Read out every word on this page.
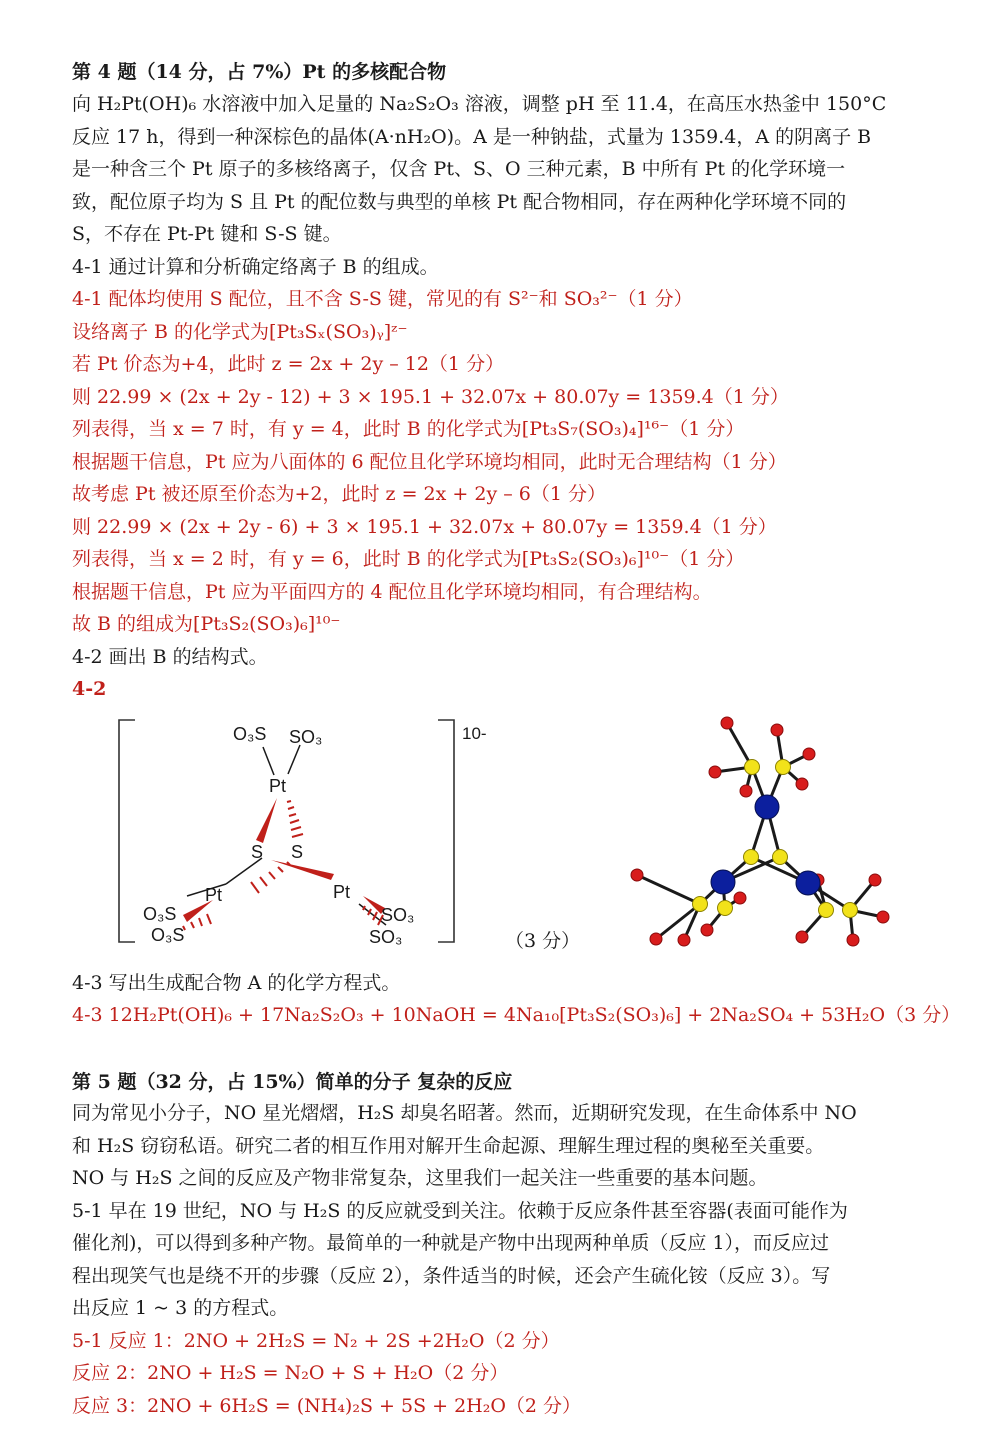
第 4 题（14 分，占 7%）Pt 的多核配合物
向 H₂Pt(OH)₆ 水溶液中加入足量的 Na₂S₂O₃ 溶液，调整 pH 至 11.4，在高压水热釜中 150°C
反应 17 h，得到一种深棕色的晶体(A·nH₂O)。A 是一种钠盐，式量为 1359.4，A 的阴离子 B
是一种含三个 Pt 原子的多核络离子，仅含 Pt、S、O 三种元素，B 中所有 Pt 的化学环境一
致，配位原子均为 S 且 Pt 的配位数与典型的单核 Pt 配合物相同，存在两种化学环境不同的
S，不存在 Pt-Pt 键和 S-S 键。
4-1 通过计算和分析确定络离子 B 的组成。
4-1 配体均使用 S 配位，且不含 S-S 键，常见的有 S²⁻和 SO₃²⁻（1 分）
设络离子 B 的化学式为[Pt₃Sₓ(SO₃)ᵧ]ᶻ⁻
若 Pt 价态为+4，此时 z = 2x + 2y – 12（1 分）
则 22.99 × (2x + 2y - 12) + 3 × 195.1 + 32.07x + 80.07y = 1359.4（1 分）
列表得，当 x = 7 时，有 y = 4，此时 B 的化学式为[Pt₃S₇(SO₃)₄]¹⁶⁻（1 分）
根据题干信息，Pt 应为八面体的 6 配位且化学环境均相同，此时无合理结构（1 分）
故考虑 Pt 被还原至价态为+2，此时 z = 2x + 2y – 6（1 分）
则 22.99 × (2x + 2y - 6) + 3 × 195.1 + 32.07x + 80.07y = 1359.4（1 分）
列表得，当 x = 2 时，有 y = 6，此时 B 的化学式为[Pt₃S₂(SO₃)₆]¹⁰⁻（1 分）
根据题干信息，Pt 应为平面四方的 4 配位且化学环境均相同，有合理结构。
故 B 的组成为[Pt₃S₂(SO₃)₆]¹⁰⁻
4-2 画出 B 的结构式。
4-2
10-
O₃S SO₃
Pt
S S
Pt	Pt
O₃S
O₃S
SO₃
SO₃	（3 分）
4-3 写出生成配合物 A 的化学方程式。
4-3 12H₂Pt(OH)₆ + 17Na₂S₂O₃ + 10NaOH = 4Na₁₀[Pt₃S₂(SO₃)₆] + 2Na₂SO₄ + 53H₂O（3 分）
第 5 题（32 分，占 15%）简单的分子 复杂的反应
同为常见小分子，NO 星光熠熠，H₂S 却臭名昭著。然而，近期研究发现，在生命体系中 NO
和 H₂S 窃窃私语。研究二者的相互作用对解开生命起源、理解生理过程的奥秘至关重要。
NO 与 H₂S 之间的反应及产物非常复杂，这里我们一起关注一些重要的基本问题。
5-1 早在 19 世纪，NO 与 H₂S 的反应就受到关注。依赖于反应条件甚至容器(表面可能作为
催化剂)，可以得到多种产物。最简单的一种就是产物中出现两种单质（反应 1），而反应过
程出现笑气也是绕不开的步骤（反应 2），条件适当的时候，还会产生硫化铵（反应 3）。写
出反应 1 ~ 3 的方程式。
5-1 反应 1：2NO + 2H₂S = N₂ + 2S +2H₂O（2 分）
反应 2：2NO + H₂S = N₂O + S + H₂O（2 分）
反应 3：2NO + 6H₂S = (NH₄)₂S + 5S + 2H₂O（2 分）
